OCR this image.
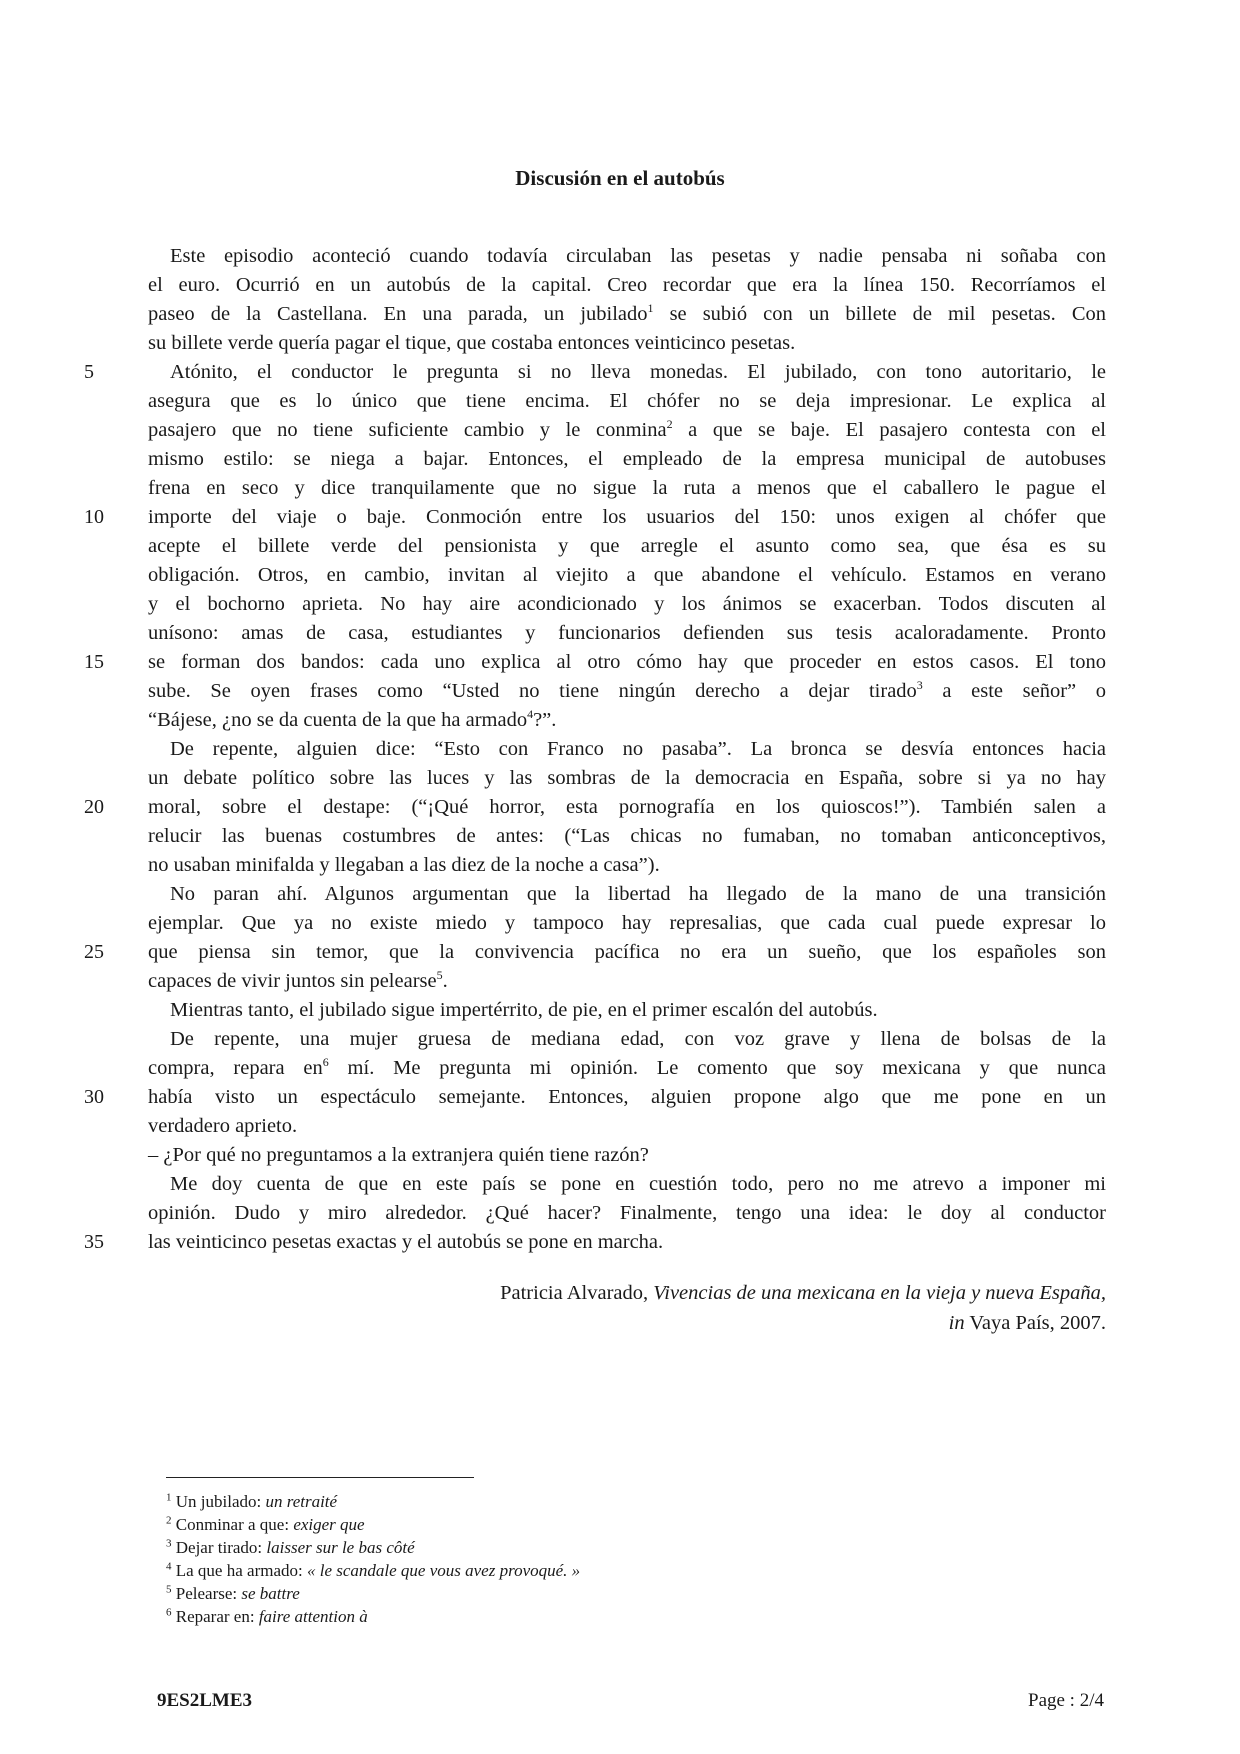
Discusión en el autobús
Este episodio aconteció cuando todavía circulaban las pesetas y nadie pensaba ni soñaba con
el euro. Ocurrió en un autobús de la capital. Creo recordar que era la línea 150. Recorríamos el
paseo de la Castellana. En una parada, un jubilado$^1$ se subió con un billete de mil pesetas. Con
su billete verde quería pagar el tique, que costaba entonces veinticinco pesetas.
Atónito, el conductor le pregunta si no lleva monedas. El jubilado, con tono autoritario, le
5
asegura que es lo único que tiene encima. El chófer no se deja impresionar. Le explica al
pasajero que no tiene suficiente cambio y le conmina$^2$ a que se baje. El pasajero contesta con el
mismo estilo: se niega a bajar. Entonces, el empleado de la empresa municipal de autobuses
frena en seco y dice tranquilamente que no sigue la ruta a menos que el caballero le pague el
importe del viaje o baje. Conmoción entre los usuarios del 150: unos exigen al chófer que
10
acepte el billete verde del pensionista y que arregle el asunto como sea, que ésa es su
obligación. Otros, en cambio, invitan al viejito a que abandone el vehículo. Estamos en verano
y el bochorno aprieta. No hay aire acondicionado y los ánimos se exacerban. Todos discuten al
unísono: amas de casa, estudiantes y funcionarios defienden sus tesis acaloradamente. Pronto
se forman dos bandos: cada uno explica al otro cómo hay que proceder en estos casos. El tono
15
sube. Se oyen frases como “Usted no tiene ningún derecho a dejar tirado$^3$ a este señor” o
“Bájese, ¿no se da cuenta de la que ha armado$^4$?”.
De repente, alguien dice: “Esto con Franco no pasaba”. La bronca se desvía entonces hacia
un debate político sobre las luces y las sombras de la democracia en España, sobre si ya no hay
moral, sobre el destape: (“¡Qué horror, esta pornografía en los quioscos!”). También salen a
20
relucir las buenas costumbres de antes: (“Las chicas no fumaban, no tomaban anticonceptivos,
no usaban minifalda y llegaban a las diez de la noche a casa”).
No paran ahí. Algunos argumentan que la libertad ha llegado de la mano de una transición
ejemplar. Que ya no existe miedo y tampoco hay represalias, que cada cual puede expresar lo
que piensa sin temor, que la convivencia pacífica no era un sueño, que los españoles son
25
capaces de vivir juntos sin pelearse$^5$.
Mientras tanto, el jubilado sigue impertérrito, de pie, en el primer escalón del autobús.
De repente, una mujer gruesa de mediana edad, con voz grave y llena de bolsas de la
compra, repara $en^6$ mí. Me pregunta mi opinión. Le comento que soy mexicana y que nunca
había visto un espectáculo semejante. Entonces, alguien propone algo que me pone en un
30
verdadero aprieto.
– ¿Por qué no preguntamos a la extranjera quién tiene razón?
Me doy cuenta de que en este país se pone en cuestión todo, pero no me atrevo a imponer mi
opinión. Dudo y miro alrededor. ¿Qué hacer? Finalmente, tengo una idea: le doy al conductor
las veinticinco pesetas exactas y el autobús se pone en marcha.
35
Patricia Alvarado, Vivencias de una mexicana en la vieja y nueva España,
in Vaya País, 2007.
$^1$ Un jubilado: un retraité
$^2$ Conminar a que: exiger que
$^3$ Dejar tirado: laisser sur le bas côté
$^4$ La que ha armado: « le scandale que vous avez provoqué. »
$^5$ Pelearse: se battre
$^6$ Reparar en: faire attention à
9ES2LME3	Page : 2/4
